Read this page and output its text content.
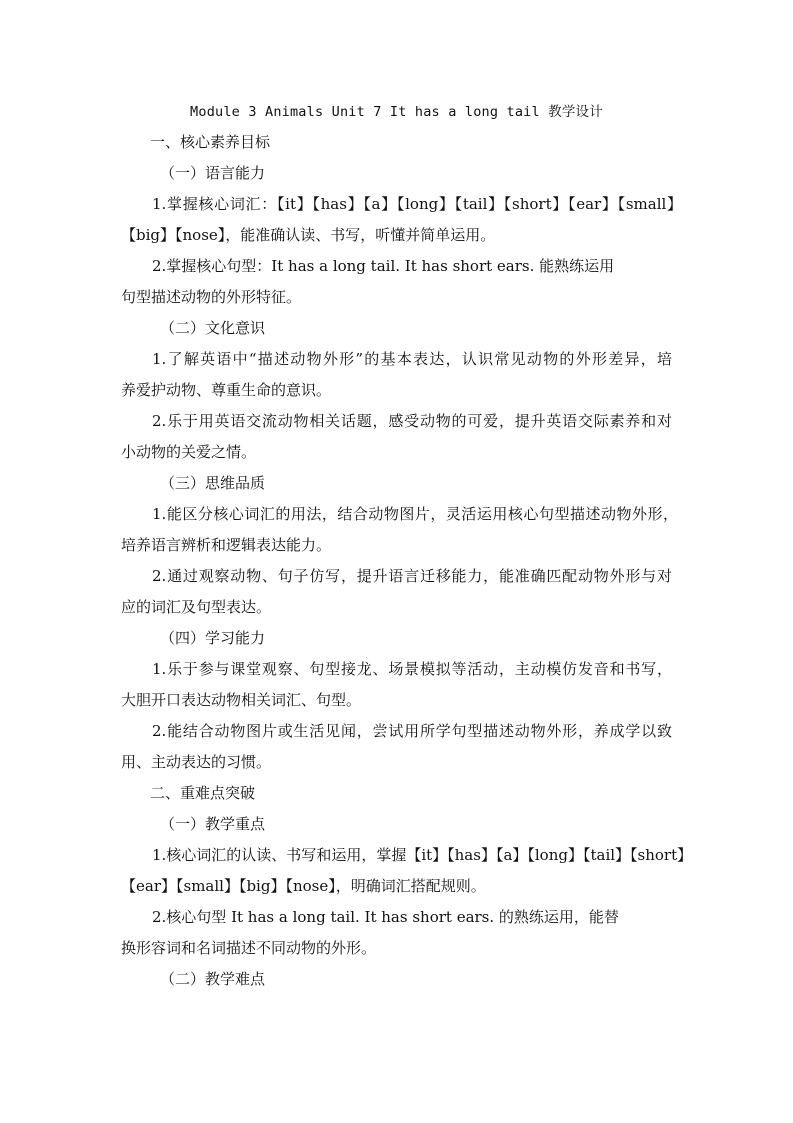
Module 3 Animals Unit 7 It has a long tail 教学设计
一、核心素养目标
（一）语言能力
1.掌握核心词汇：【it】【has】【a】【long】【tail】【short】【ear】【small】
【big】【nose】，能准确认读、书写，听懂并简单运用。
2.掌握核心句型：It has a long tail. It has short ears. 能熟练运用
句型描述动物的外形特征。
（二）文化意识
1.了解英语中“描述动物外形”的基本表达，认识常见动物的外形差异，培
养爱护动物、尊重生命的意识。
2.乐于用英语交流动物相关话题，感受动物的可爱，提升英语交际素养和对
小动物的关爱之情。
（三）思维品质
1.能区分核心词汇的用法，结合动物图片，灵活运用核心句型描述动物外形，
培养语言辨析和逻辑表达能力。
2.通过观察动物、句子仿写，提升语言迁移能力，能准确匹配动物外形与对
应的词汇及句型表达。
（四）学习能力
1.乐于参与课堂观察、句型接龙、场景模拟等活动，主动模仿发音和书写，
大胆开口表达动物相关词汇、句型。
2.能结合动物图片或生活见闻，尝试用所学句型描述动物外形，养成学以致
用、主动表达的习惯。
二、重难点突破
（一）教学重点
1.核心词汇的认读、书写和运用，掌握【it】【has】【a】【long】【tail】【short】
【ear】【small】【big】【nose】，明确词汇搭配规则。
2.核心句型 It has a long tail. It has short ears. 的熟练运用，能替
换形容词和名词描述不同动物的外形。
（二）教学难点
